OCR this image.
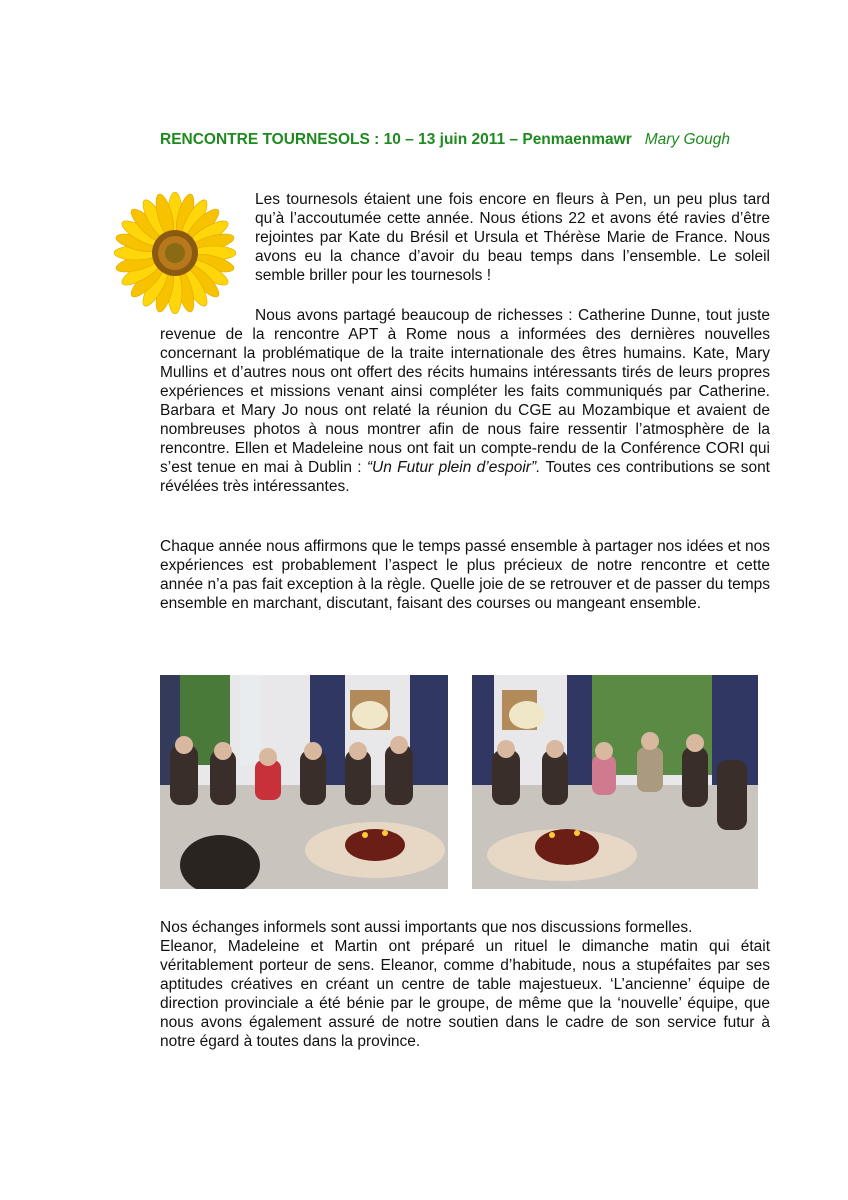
RENCONTRE TOURNESOLS : 10 – 13 juin 2011 – Penmaenmawr Mary Gough

Les tournesols étaient une fois encore en fleurs à Pen, un peu plus tard qu’à l’accoutumée cette année. Nous étions 22 et avons été ravies d’être rejointes par Kate du Brésil et Ursula et Thérèse Marie de France. Nous avons eu la chance d’avoir du beau temps dans l’ensemble. Le soleil semble briller pour les tournesols !

Nous avons partagé beaucoup de richesses : Catherine Dunne, tout juste revenue de la rencontre APT à Rome nous a informées des dernières nouvelles concernant la problématique de la traite internationale des êtres humains. Kate, Mary Mullins et d’autres nous ont offert des récits humains intéressants tirés de leurs propres expériences et missions venant ainsi compléter les faits communiqués par Catherine. Barbara et Mary Jo nous ont relaté la réunion du CGE au Mozambique et avaient de nombreuses photos à nous montrer afin de nous faire ressentir l’atmosphère de la rencontre. Ellen et Madeleine nous ont fait un compte-rendu de la Conférence CORI qui s’est tenue en mai à Dublin : “Un Futur plein d’espoir”. Toutes ces contributions se sont révélées très intéressantes.

Chaque année nous affirmons que le temps passé ensemble à partager nos idées et nos expériences est probablement l’aspect le plus précieux de notre rencontre et cette année n’a pas fait exception à la règle. Quelle joie de se retrouver et de passer du temps ensemble en marchant, discutant, faisant des courses ou mangeant ensemble.

Nos échanges informels sont aussi importants que nos discussions formelles.
Eleanor, Madeleine et Martin ont préparé un rituel le dimanche matin qui était véritablement porteur de sens. Eleanor, comme d’habitude, nous a stupéfaites par ses aptitudes créatives en créant un centre de table majestueux. ‘L’ancienne’ équipe de direction provinciale a été bénie par le groupe, de même que la ‘nouvelle’ équipe, que nous avons également assuré de notre soutien dans le cadre de son service futur à notre égard à toutes dans la province.
